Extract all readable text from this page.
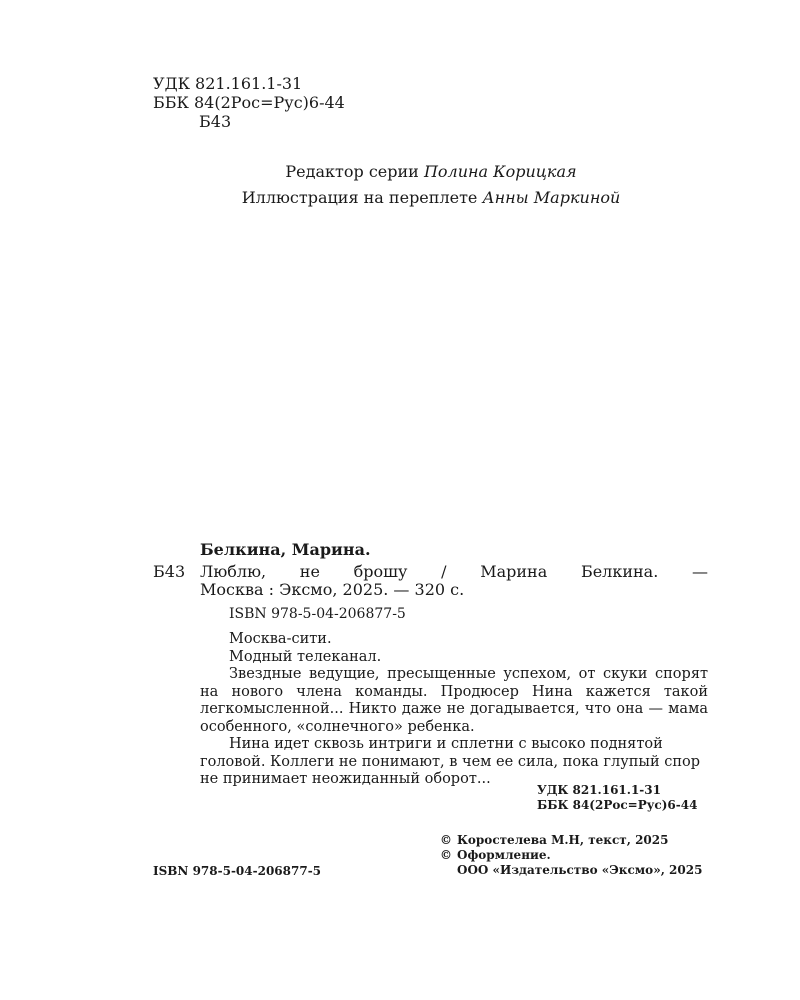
УДК 821.161.1-31
ББК 84(2Рос=Рус)6-44
Б43
Редактор серии Полина Корицкая
Иллюстрация на переплете Анны Маркиной
Белкина, Марина.
Б43 Люблю, не брошу / Марина Белкина. —
Москва : Эксмо, 2025. — 320 с.
ISBN 978-5-04-206877-5

Москва-сити.

Модный телеканал.

Звездные ведущие, пресыщенные успехом, от скуки спорят на нового члена команды. Продюсер Нина кажется такой легкомысленной... Никто даже не догадывается, что она — мама особенного, «солнечного» ребенка.

Нина идет сквозь интриги и сплетни с высоко поднятой головой. Коллеги не понимают, в чем ее сила, пока глупый спор не принимает неожиданный оборот...

УДК 821.161.1-31
ББК 84(2Рос=Рус)6-44
© Коростелева М.Н, текст, 2025
© Оформление.
ООО «Издательство «Эксмо», 2025
ISBN 978-5-04-206877-5
